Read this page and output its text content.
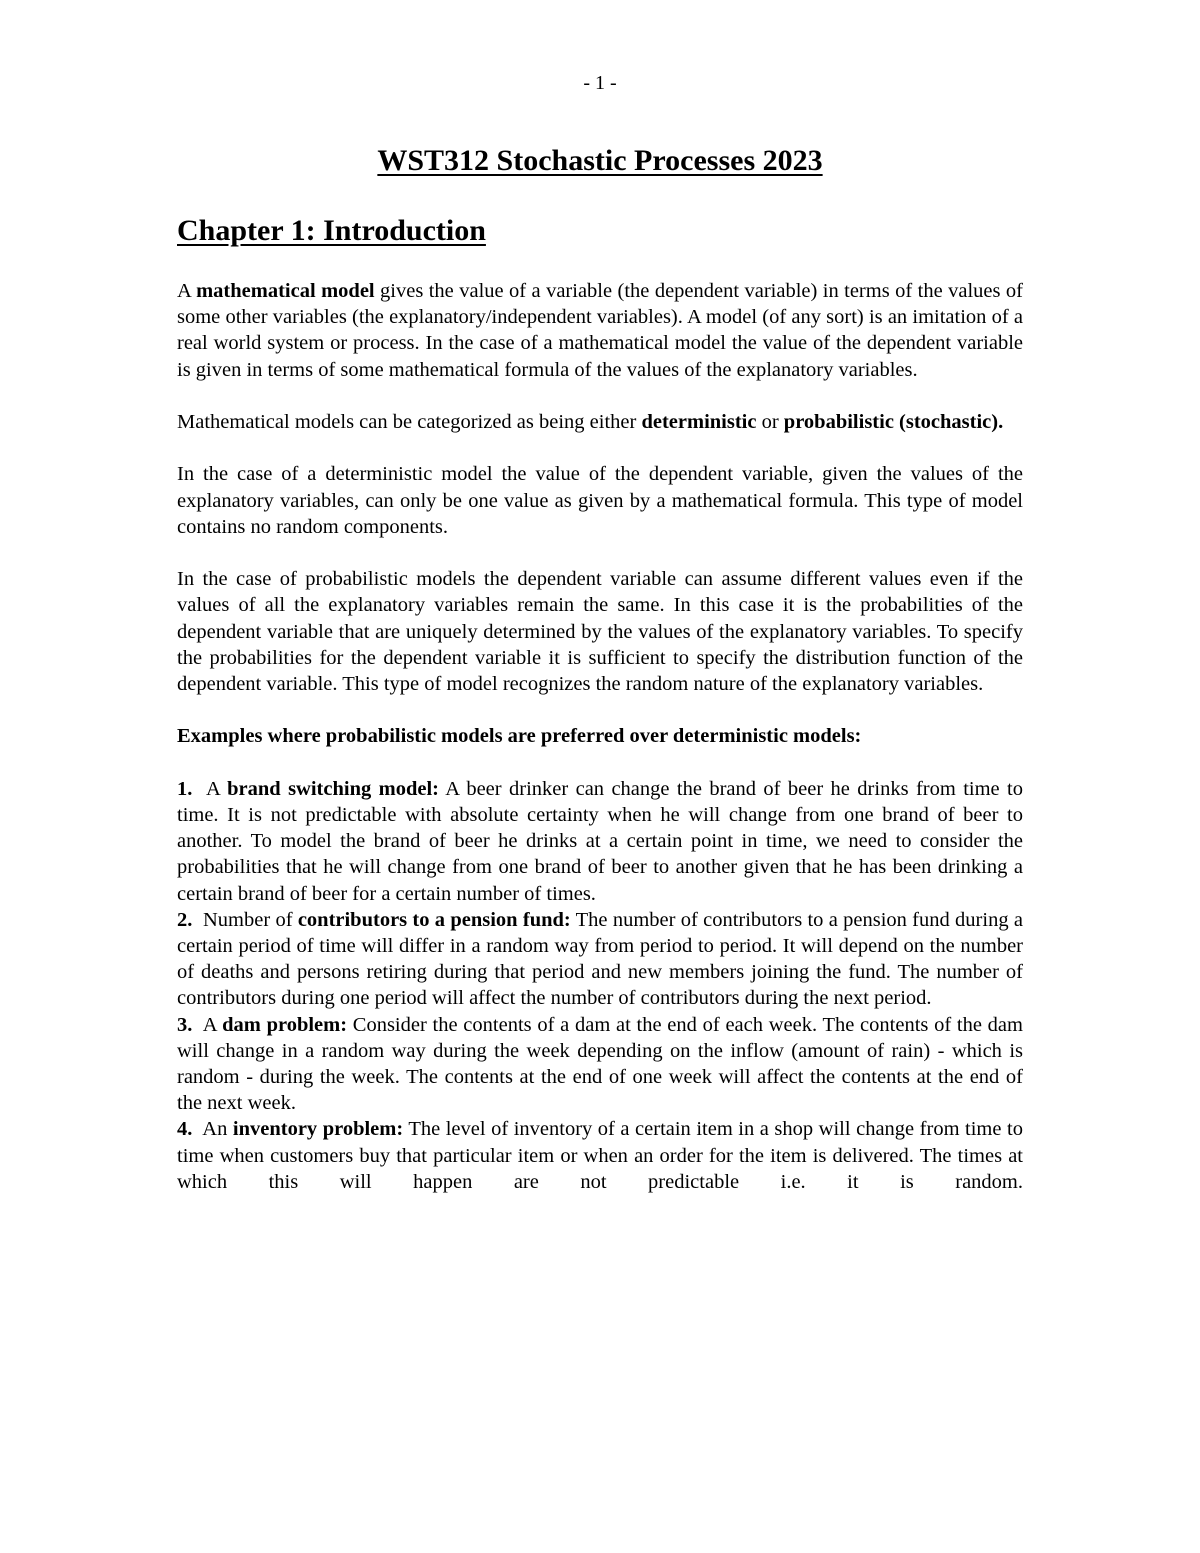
- 1 -
WST312 Stochastic Processes 2023
Chapter 1: Introduction

A mathematical model gives the value of a variable (the dependent variable) in terms of the values of some other variables (the explanatory/independent variables). A model (of any sort) is an imitation of a real world system or process. In the case of a mathematical model the value of the dependent variable is given in terms of some mathematical formula of the values of the explanatory variables.

Mathematical models can be categorized as being either deterministic or probabilistic (stochastic).

In the case of a deterministic model the value of the dependent variable, given the values of the explanatory variables, can only be one value as given by a mathematical formula. This type of model contains no random components.

In the case of probabilistic models the dependent variable can assume different values even if the values of all the explanatory variables remain the same. In this case it is the probabilities of the dependent variable that are uniquely determined by the values of the explanatory variables. To specify the probabilities for the dependent variable it is sufficient to specify the distribution function of the dependent variable. This type of model recognizes the random nature of the explanatory variables.

Examples where probabilistic models are preferred over deterministic models:

1.  A brand switching model: A beer drinker can change the brand of beer he drinks from time to time. It is not predictable with absolute certainty when he will change from one brand of beer to another. To model the brand of beer he drinks at a certain point in time, we need to consider the probabilities that he will change from one brand of beer to another given that he has been drinking a certain brand of beer for a certain number of times.

2.  Number of contributors to a pension fund: The number of contributors to a pension fund during a certain period of time will differ in a random way from period to period. It will depend on the number of deaths and persons retiring during that period and new members joining the fund. The number of contributors during one period will affect the number of contributors during the next period.

3.  A dam problem: Consider the contents of a dam at the end of each week. The contents of the dam will change in a random way during the week depending on the inflow (amount of rain) - which is random - during the week. The contents at the end of one week will affect the contents at the end of the next week.

4.  An inventory problem: The level of inventory of a certain item in a shop will change from time to time when customers buy that particular item or when an order for the item is delivered. The times at which this will happen are not predictable i.e. it is random.
